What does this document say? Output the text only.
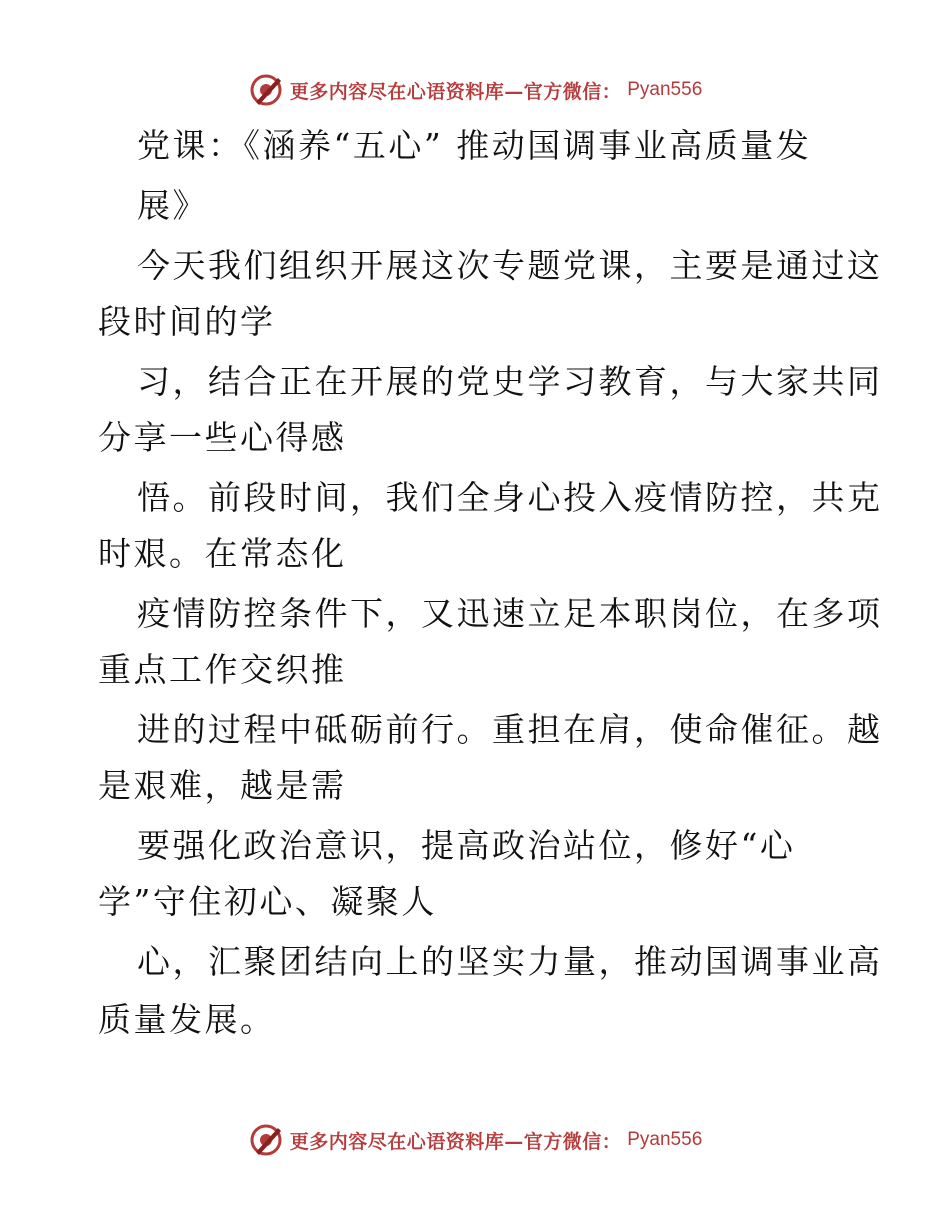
更多内容尽在心语资料库—官方微信： Pyan556
党课：《涵养“五心” 推动国调事业高质量发
展》
今天我们组织开展这次专题党课，主要是通过这
段时间的学
习，结合正在开展的党史学习教育，与大家共同
分享一些心得感
悟。前段时间，我们全身心投入疫情防控，共克
时艰。在常态化
疫情防控条件下，又迅速立足本职岗位，在多项
重点工作交织推
进的过程中砥砺前行。重担在肩，使命催征。越
是艰难，越是需
要强化政治意识，提高政治站位，修好“心
学”守住初心、凝聚人
心，汇聚团结向上的坚实力量，推动国调事业高
质量发展。
更多内容尽在心语资料库—官方微信： Pyan556
